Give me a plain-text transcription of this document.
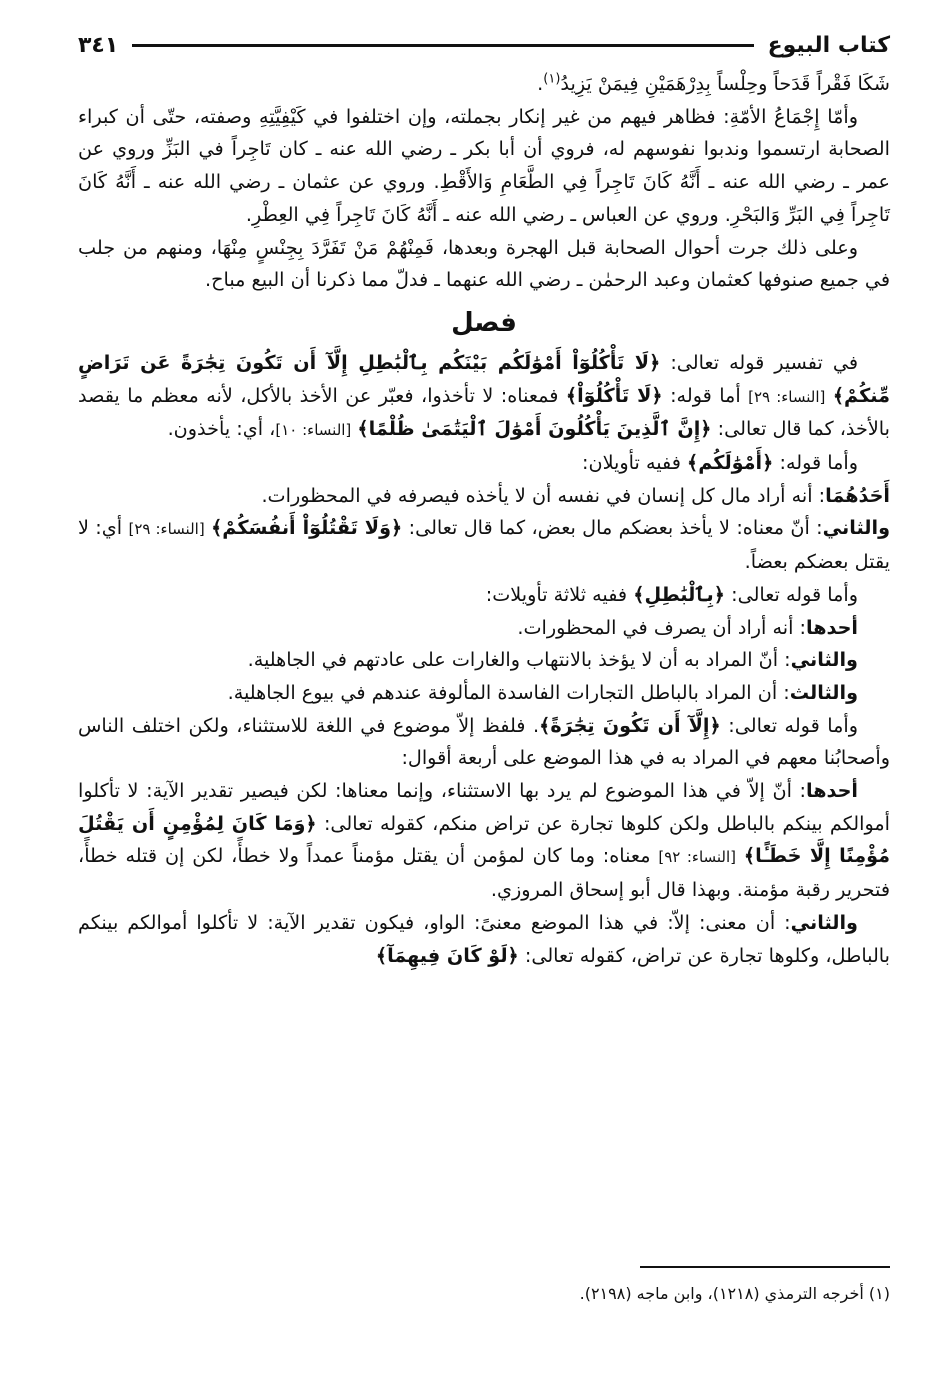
كتاب البيوع
٣٤١

شَكَا فَقْراً قَدَحاً وحِلْساً بِدِرْهَمَيْنِ فِيمَنْ يَزِيدُ$^{(١)}$.

وأمّا إِجْمَاعُ الأمّةِ: فظاهر فيهم من غير إنكار بجملته، وإن اختلفوا في كَيْفِيَّتِهِ وصفته، حتّى أن كبراء الصحابة ارتسموا وندبوا نفوسهم له، فروي أن أبا بكر ـ رضي الله عنه ـ كان تَاجِراً في البَزِّ وروي عن عمر ـ رضي الله عنه ـ أَنَّهُ كَانَ تَاجِراً فِي الطَّعَامِ وَالأَقْطِ. وروي عن عثمان ـ رضي الله عنه ـ أَنَّهُ كَانَ تَاجِراً فِي البَرِّ وَالبَحْرِ. وروي عن العباس ـ رضي الله عنه ـ أَنَّهُ كَانَ تَاجِراً فِي العِطْرِ.

وعلى ذلك جرت أحوال الصحابة قبل الهجرة وبعدها، فَمِنْهُمْ مَنْ تَفَرَّدَ بِجِنْسٍ مِنْهَا، ومنهم من جلب في جميع صنوفها كعثمان وعبد الرحمٰن ـ رضي الله عنهما ـ فدلّ مما ذكرنا أن البيع مباح.

فصل

في تفسير قوله تعالى: ﴿لَا تَأْكُلُوٓاْ أَمْوَٰلَكُم بَيْنَكُم بِٱلْبَٰطِلِ إِلَّآ أَن تَكُونَ تِجَٰرَةً عَن تَرَاضٍ مِّنكُمْ﴾ [النساء: ٢٩] أما قوله: ﴿لَا تَأْكُلُوٓاْ﴾ فمعناه: لا تأخذوا، فعبّر عن الأخذ بالأكل، لأنه معظم ما يقصد بالأخذ، كما قال تعالى: ﴿إِنَّ ٱلَّذِينَ يَأْكُلُونَ أَمْوَٰلَ ٱلْيَتَٰمَىٰ ظُلْمًا﴾ [النساء: ١٠]، أي: يأخذون.

وأما قوله: ﴿أَمْوَٰلَكُم﴾ ففيه تأويلان:

أَحَدُهُمَا: أنه أراد مال كل إنسان في نفسه أن لا يأخذه فيصرفه في المحظورات.

والثاني: أنّ معناه: لا يأخذ بعضكم مال بعض، كما قال تعالى: ﴿وَلَا تَقْتُلُوٓاْ أَنفُسَكُمْ﴾ [النساء: ٢٩] أي: لا يقتل بعضكم بعضاً.

وأما قوله تعالى: ﴿بِٱلْبَٰطِلِ﴾ ففيه ثلاثة تأويلات:

أحدها: أنه أراد أن يصرف في المحظورات.

والثاني: أنّ المراد به أن لا يؤخذ بالانتهاب والغارات على عادتهم في الجاهلية.

والثالث: أن المراد بالباطل التجارات الفاسدة المألوفة عندهم في بيوع الجاهلية.

وأما قوله تعالى: ﴿إِلَّآ أَن تَكُونَ تِجَٰرَةً﴾. فلفظ إلاّ موضوع في اللغة للاستثناء، ولكن اختلف الناس وأصحابُنا معهم في المراد به في هذا الموضع على أربعة أقوال:

أحدها: أنّ إلاّ في هذا الموضوع لم يرد بها الاستثناء، وإنما معناها: لكن فيصير تقدير الآية: لا تأكلوا أموالكم بينكم بالباطل ولكن كلوها تجارة عن تراض منكم، كقوله تعالى: ﴿وَمَا كَانَ لِمُؤْمِنٍ أَن يَقْتُلَ مُؤْمِنًا إِلَّا خَطَـًٔا﴾ [النساء: ٩٢] معناه: وما كان لمؤمن أن يقتل مؤمناً عمداً ولا خطأً، لكن إن قتله خطأً، فتحرير رقبة مؤمنة. وبهذا قال أبو إسحاق المروزي.

والثاني: أن معنى: إلاّ: في هذا الموضع معنىً: الواو، فيكون تقدير الآية: لا تأكلوا أموالكم بينكم بالباطل، وكلوها تجارة عن تراض، كقوله تعالى: ﴿لَوْ كَانَ فِيهِمَآ﴾

(١) أخرجه الترمذي (١٢١٨)، وابن ماجه (٢١٩٨).
